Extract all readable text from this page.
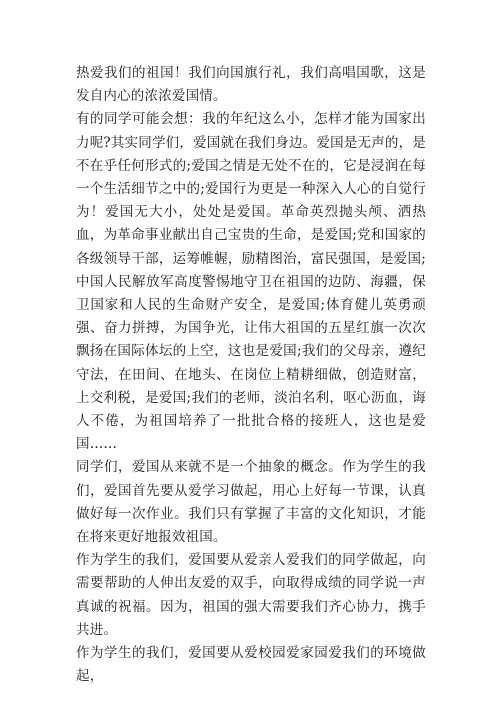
热爱我们的祖国！我们向国旗行礼，我们高唱国歌，这是发自内心的浓浓爱国情。

有的同学可能会想：我的年纪这么小，怎样才能为国家出力呢?其实同学们，爱国就在我们身边。爱国是无声的，是不在乎任何形式的;爱国之情是无处不在的，它是浸润在每一个生活细节之中的;爱国行为更是一种深入人心的自觉行为！爱国无大小，处处是爱国。革命英烈抛头颅、洒热血，为革命事业献出自己宝贵的生命，是爱国;党和国家的各级领导干部，运筹帷幄，励精图治，富民强国，是爱国;中国人民解放军高度警惕地守卫在祖国的边防、海疆，保卫国家和人民的生命财产安全，是爱国;体育健儿英勇顽强、奋力拼搏，为国争光，让伟大祖国的五星红旗一次次飘扬在国际体坛的上空，这也是爱国;我们的父母亲，遵纪守法，在田间、在地头、在岗位上精耕细做，创造财富，上交利税，是爱国;我们的老师，淡泊名利，呕心沥血，诲人不倦，为祖国培养了一批批合格的接班人，这也是爱国……

同学们，爱国从来就不是一个抽象的概念。作为学生的我们，爱国首先要从爱学习做起，用心上好每一节课，认真做好每一次作业。我们只有掌握了丰富的文化知识，才能在将来更好地报效祖国。

作为学生的我们，爱国要从爱亲人爱我们的同学做起，向需要帮助的人伸出友爱的双手，向取得成绩的同学说一声真诚的祝福。因为，祖国的强大需要我们齐心协力，携手共进。

作为学生的我们，爱国要从爱校园爱家园爱我们的环境做起，
